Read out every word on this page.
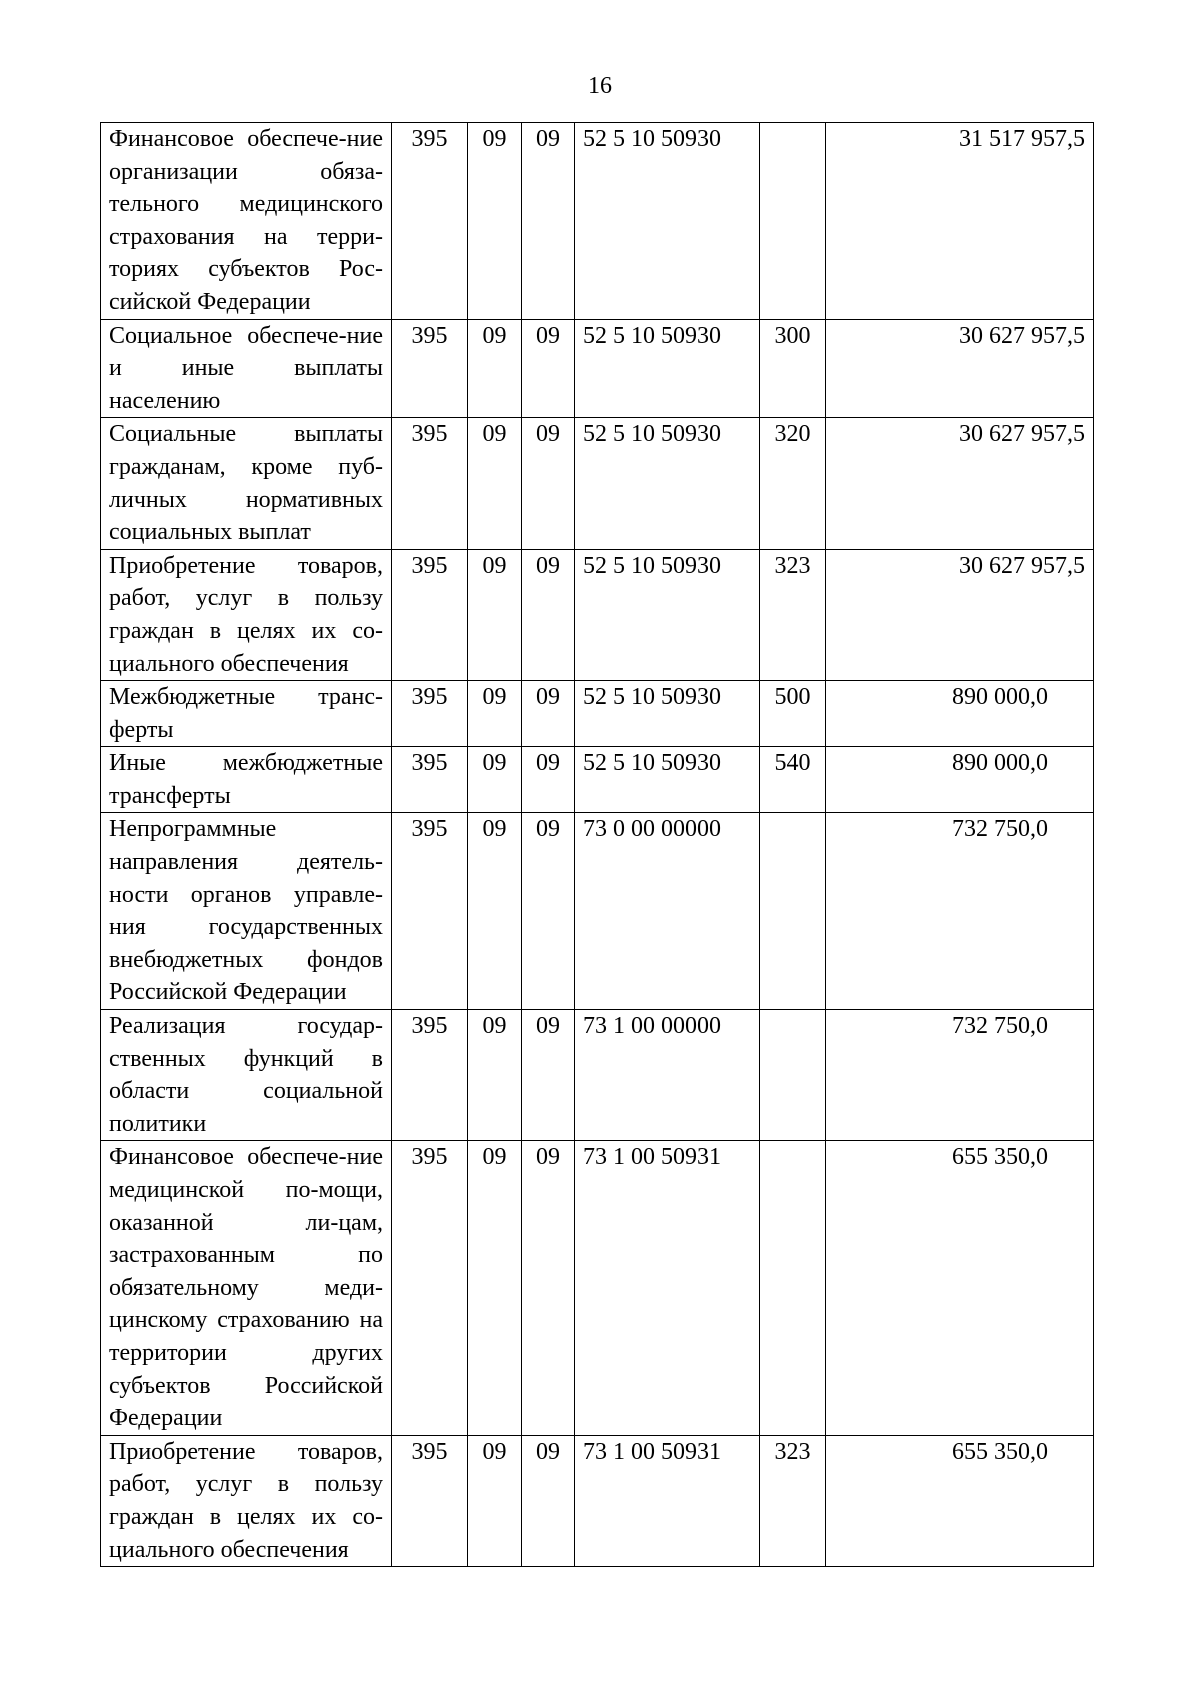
16
Финансовое обеспече-ние организации обяза-тельного медицинского страхования на терри-ториях субъектов Рос-сийской Федерации	395	09	09	52 5 10 50930		31 517 957,5
Социальное обеспече-ние и иные выплаты населению	395	09	09	52 5 10 50930	300	30 627 957,5
Социальные выплаты гражданам, кроме пуб-личных нормативных социальных выплат	395	09	09	52 5 10 50930	320	30 627 957,5
Приобретение товаров, работ, услуг в пользу граждан в целях их со-циального обеспечения	395	09	09	52 5 10 50930	323	30 627 957,5
Межбюджетные транс-ферты	395	09	09	52 5 10 50930	500	890 000,0
Иные межбюджетные трансферты	395	09	09	52 5 10 50930	540	890 000,0
Непрограммные направления деятель-ности органов управле-ния государственных внебюджетных фондов Российской Федерации	395	09	09	73 0 00 00000		732 750,0
Реализация государ-ственных функций в области социальной политики	395	09	09	73 1 00 00000		732 750,0
Финансовое обеспече-ние медицинской по-мощи, оказанной ли-цам, застрахованным по обязательному меди-цинскому страхованию на территории других субъектов Российской Федерации	395	09	09	73 1 00 50931		655 350,0
Приобретение товаров, работ, услуг в пользу граждан в целях их со-циального обеспечения	395	09	09	73 1 00 50931	323	655 350,0
